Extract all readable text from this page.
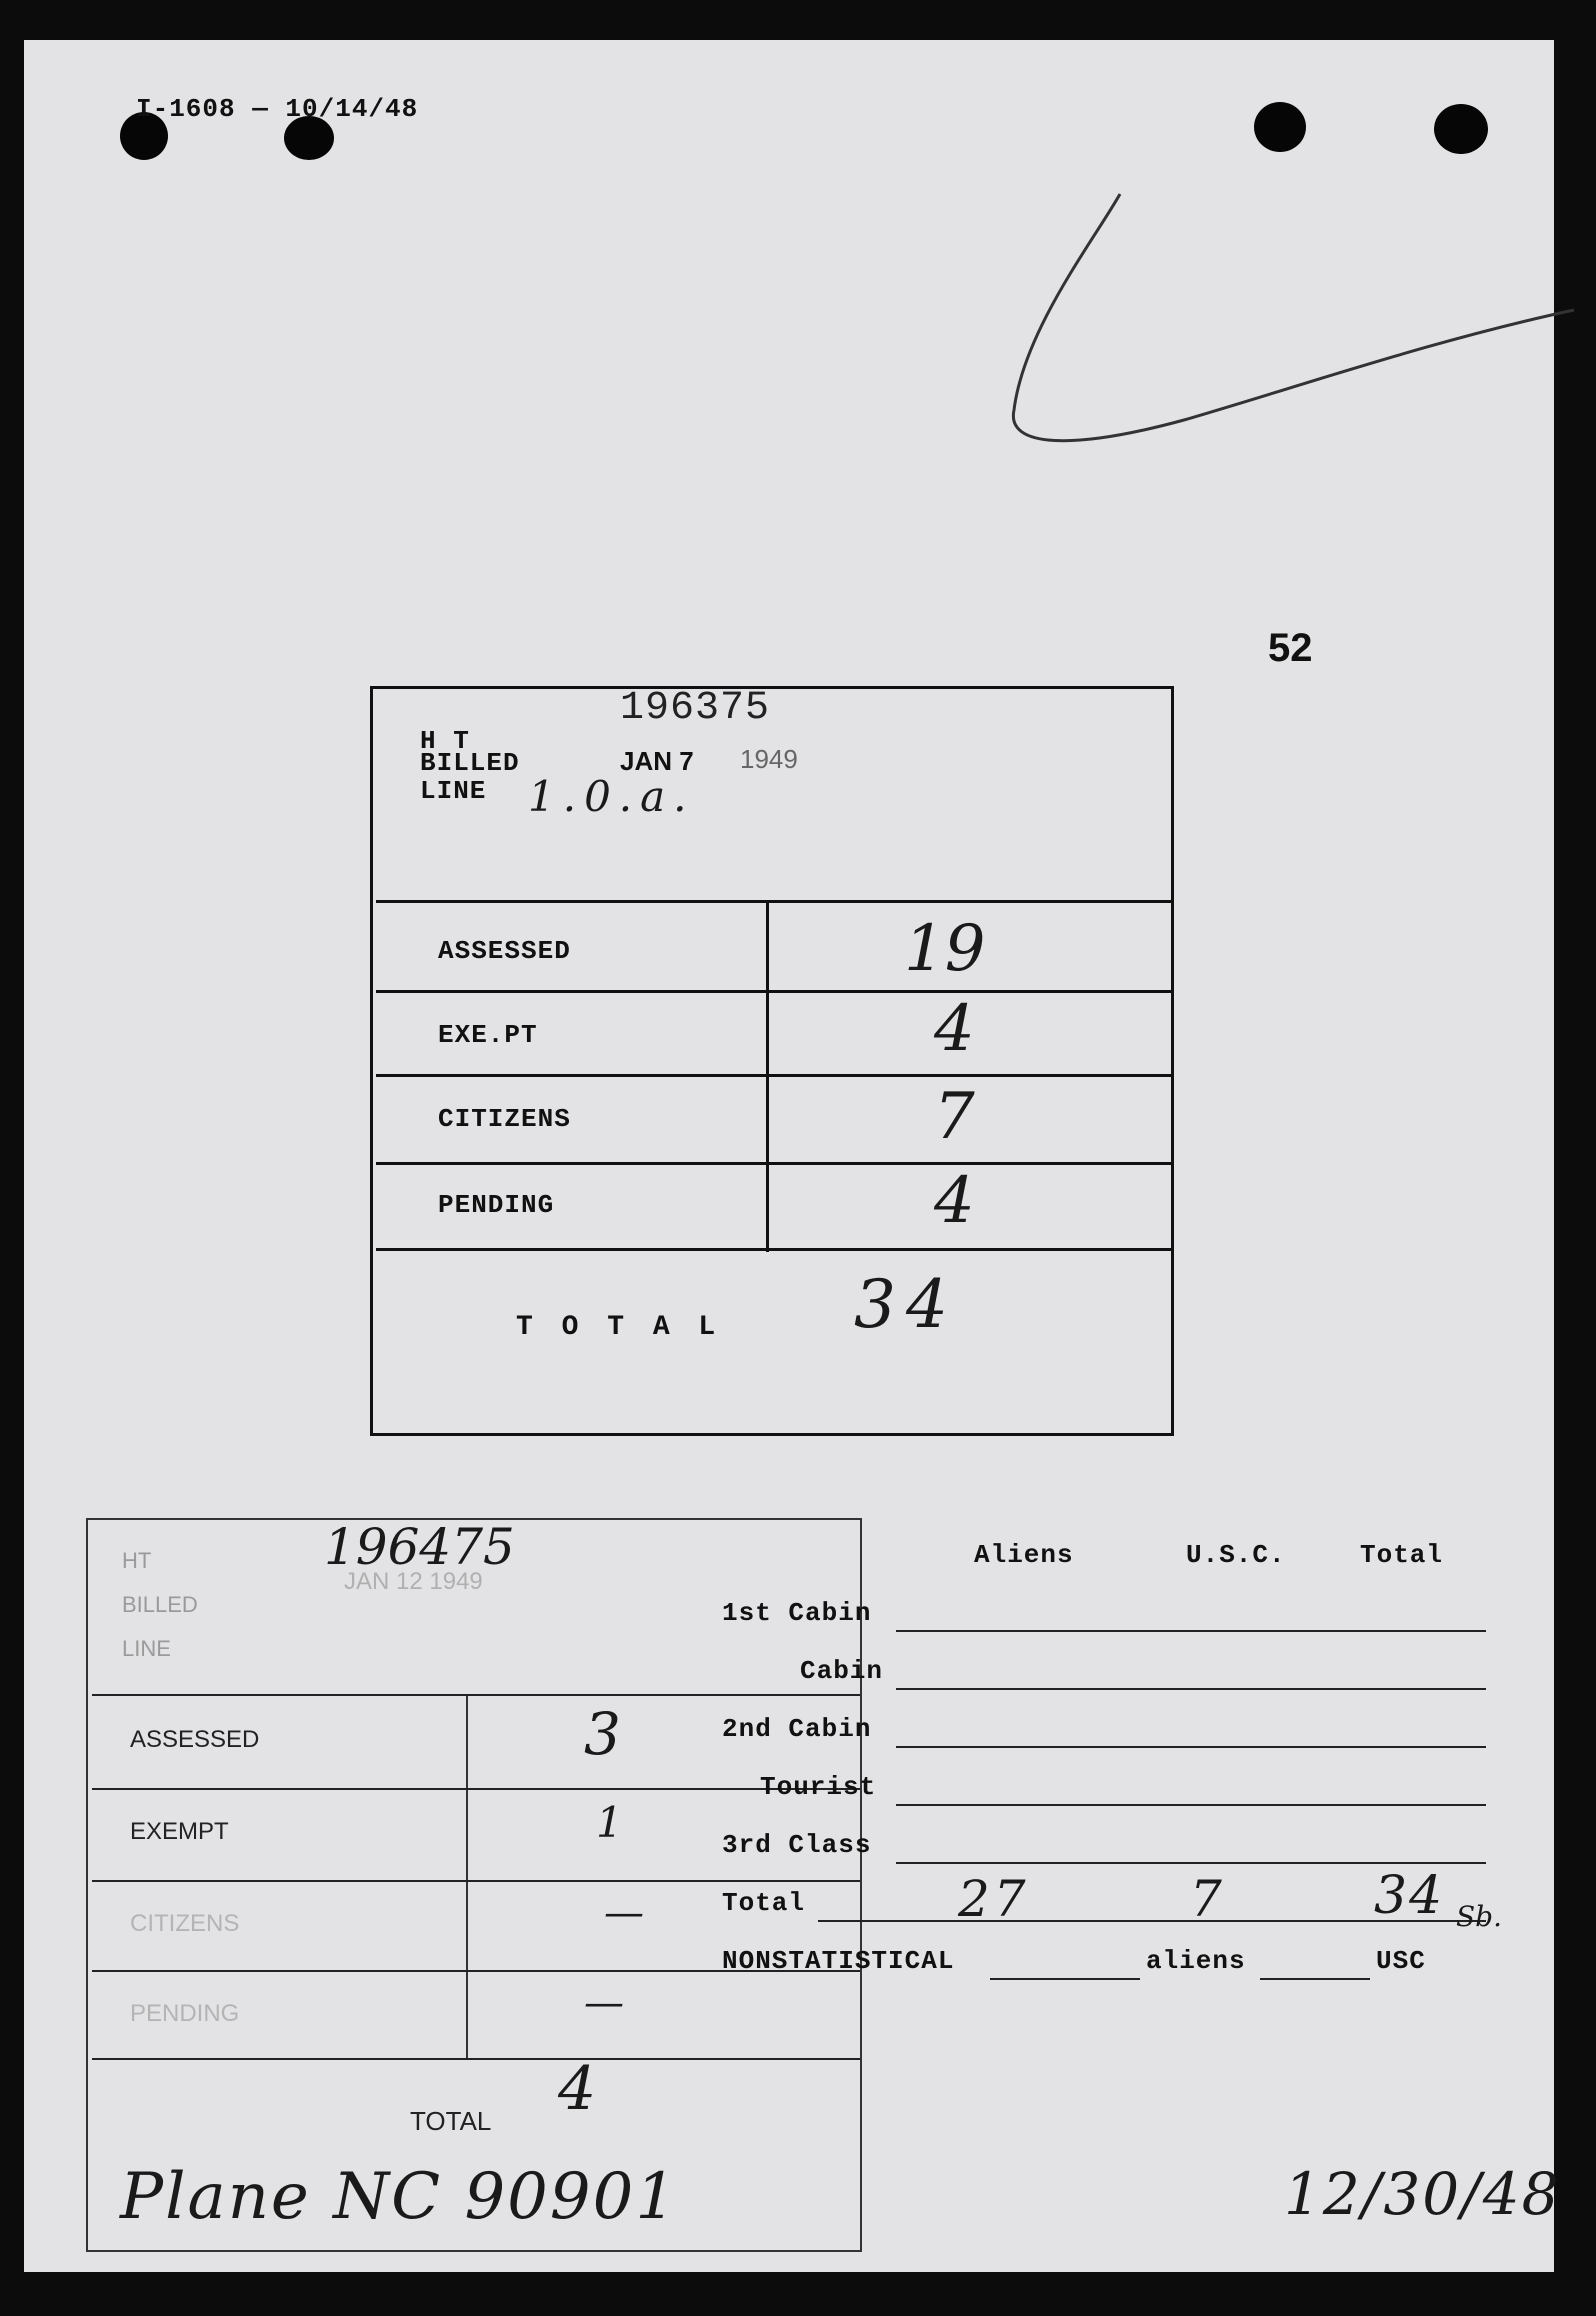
I-1608 — 10/14/48
52
196375
H T
BILLED	JAN 7 1949
LINE 1.0.a.
ASSESSED	19
EXE.PT	4
CITIZENS	7
PENDING	4
T O T A L 34
196475
HT
BILLED
JAN 12 1949
LINE
ASSESSED	3
EXEMPT	1
CITIZENS	—
PENDING	—
TOTAL 4
Plane NC 90901
Aliens	U.S.C.	Total
1st Cabin
Cabin
2nd Cabin
Tourist
3rd Class
Total	27	7	34 Sb.
NONSTATISTICAL	aliens	USC
12/30/48
